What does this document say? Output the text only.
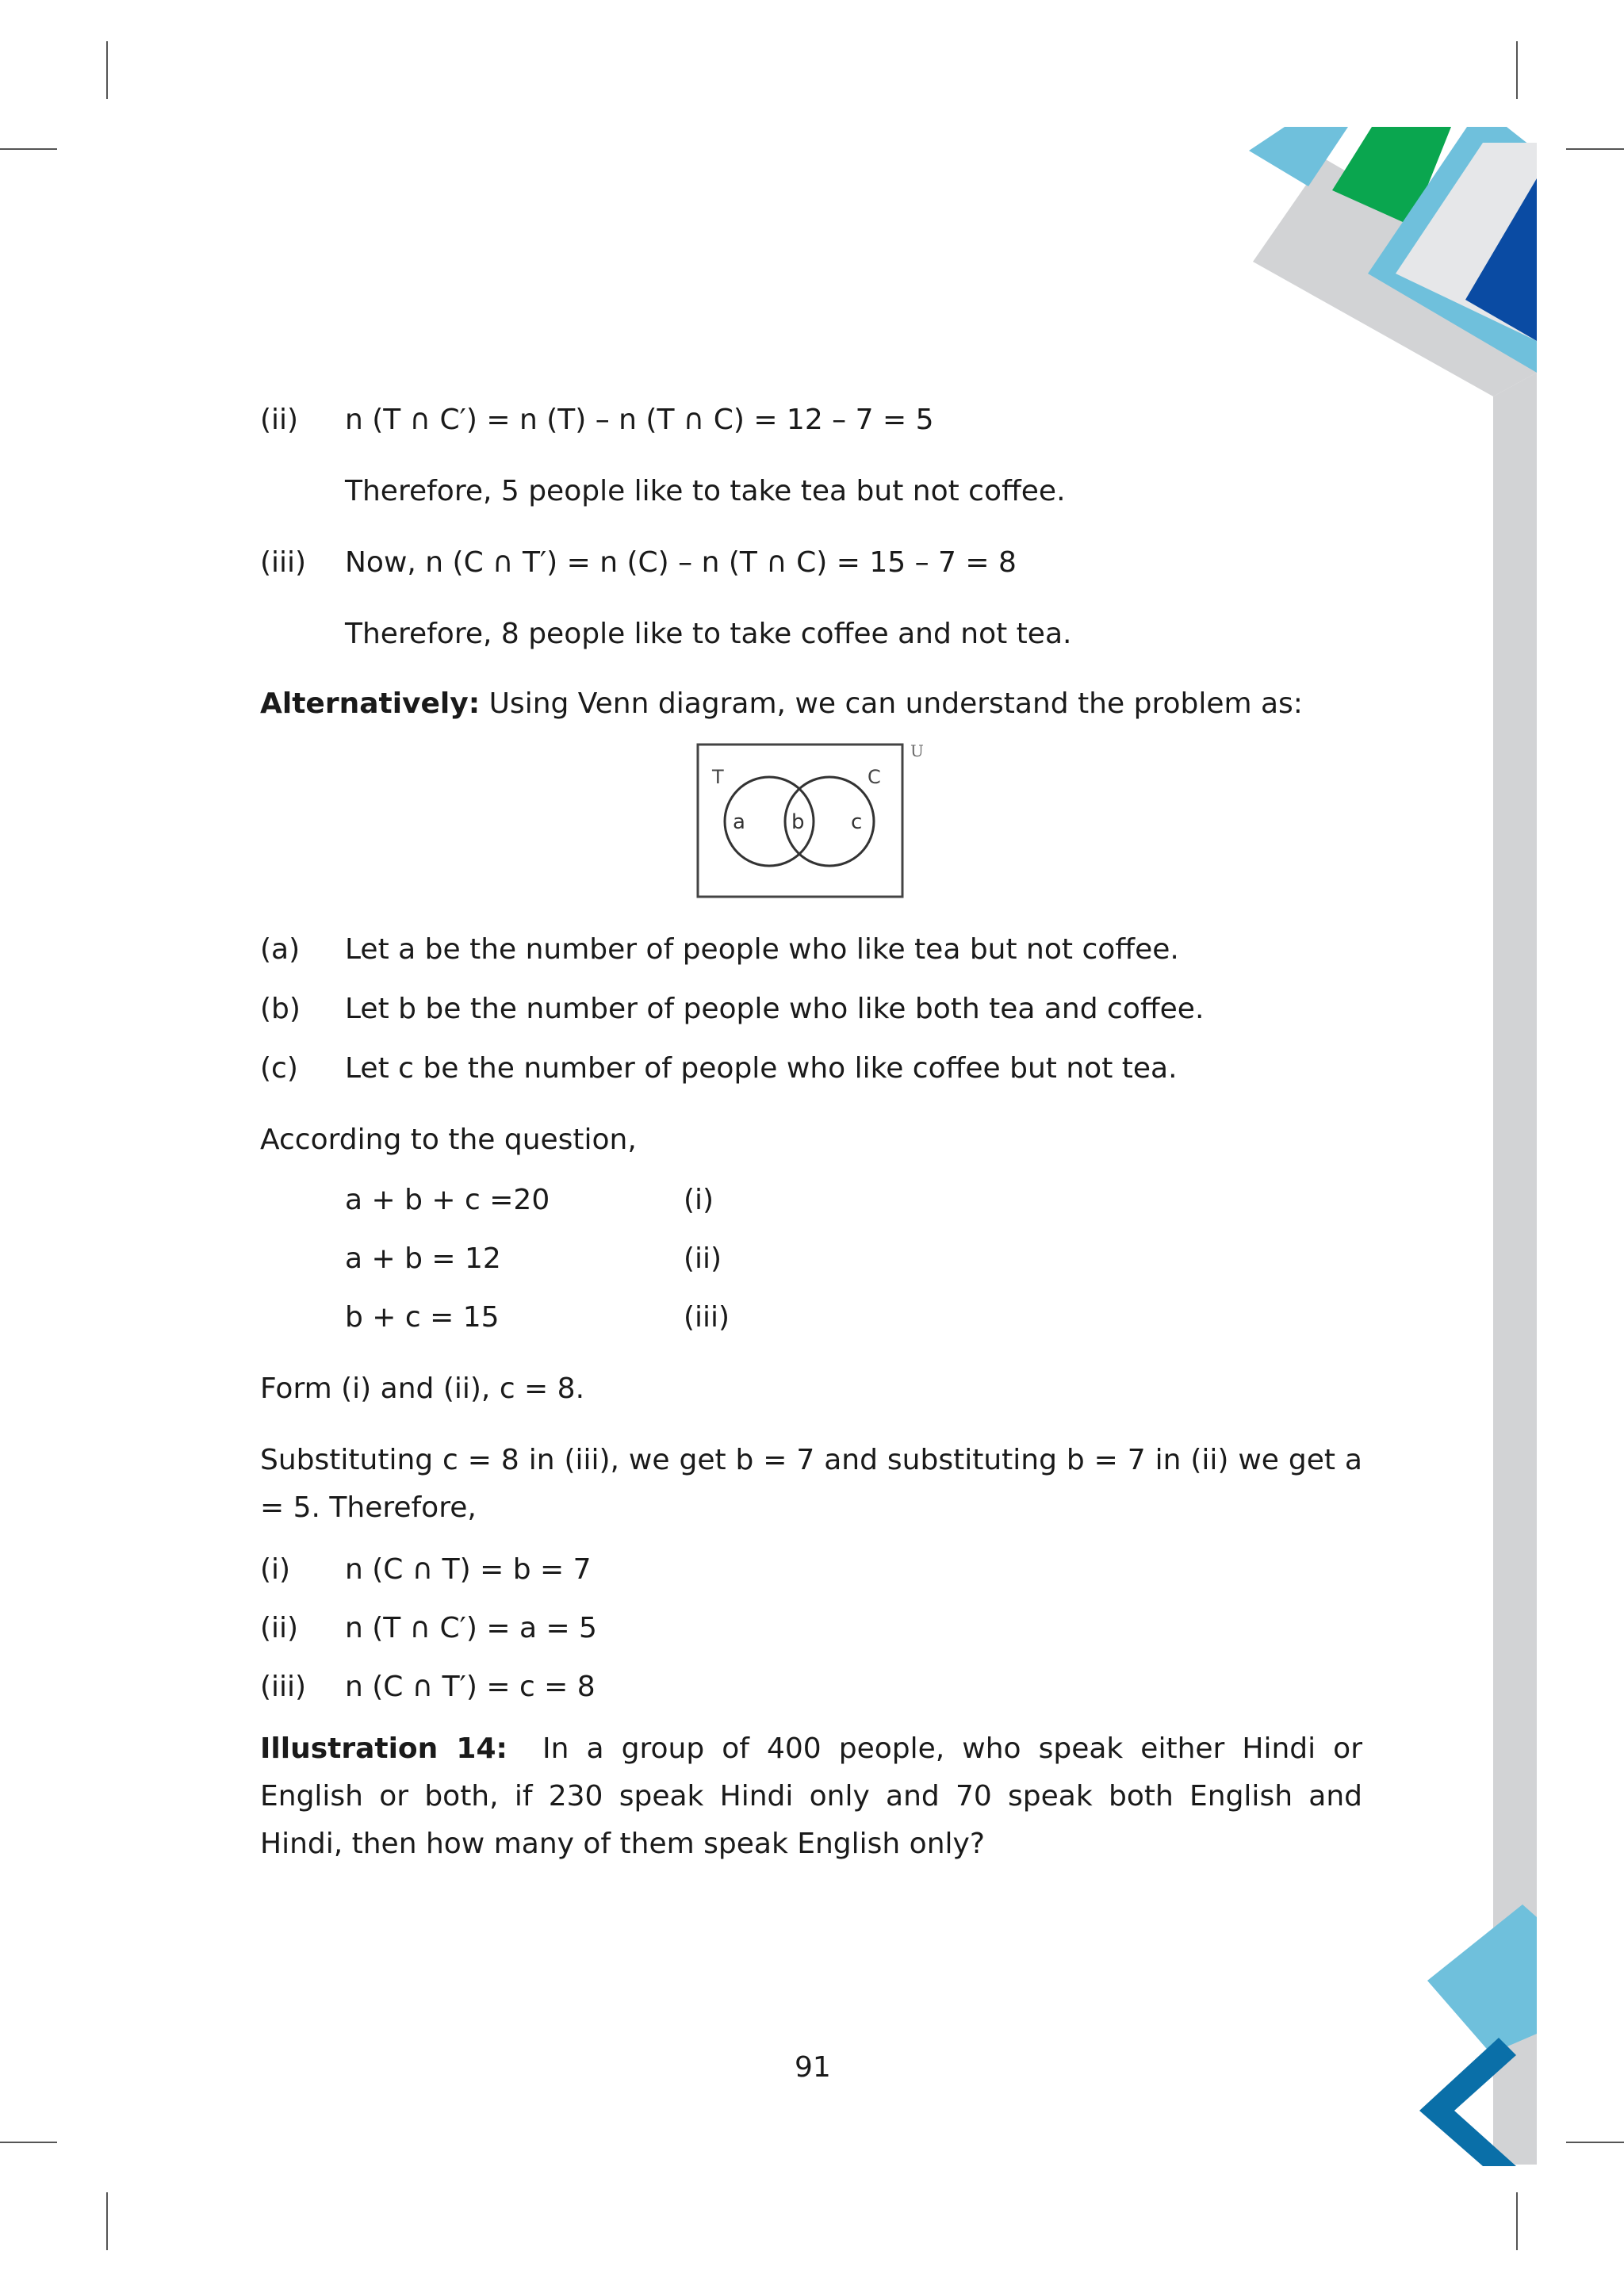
(ii) n (T ∩ C′) = n (T) – n (T ∩ C) = 12 – 7 = 5
Therefore, 5 people like to take tea but not coffee.
(iii) Now, n (C ∩ T′) = n (C) – n (T ∩ C) = 15 – 7 = 8
Therefore, 8 people like to take coffee and not tea.
Alternatively: Using Venn diagram, we can understand the problem as:
U
T	C
a b c
(a) Let a be the number of people who like tea but not coffee.
(b) Let b be the number of people who like both tea and coffee.
(c) Let c be the number of people who like coffee but not tea.
According to the question,
a + b + c =20	(i)
a + b = 12	(ii)
b + c = 15	(iii)
Form (i) and (ii), c = 8.
Substituting c = 8 in (iii), we get b = 7 and substituting b = 7 in (ii) we get a = 5. Therefore,
(i) n (C ∩ T) = b = 7
(ii) n (T ∩ C′) = a = 5
(iii) n (C ∩ T′) = c = 8
Illustration 14:  In a group of 400 people, who speak either Hindi or English or both, if 230 speak Hindi only and 70 speak both English and Hindi, then how many of them speak English only?
91
